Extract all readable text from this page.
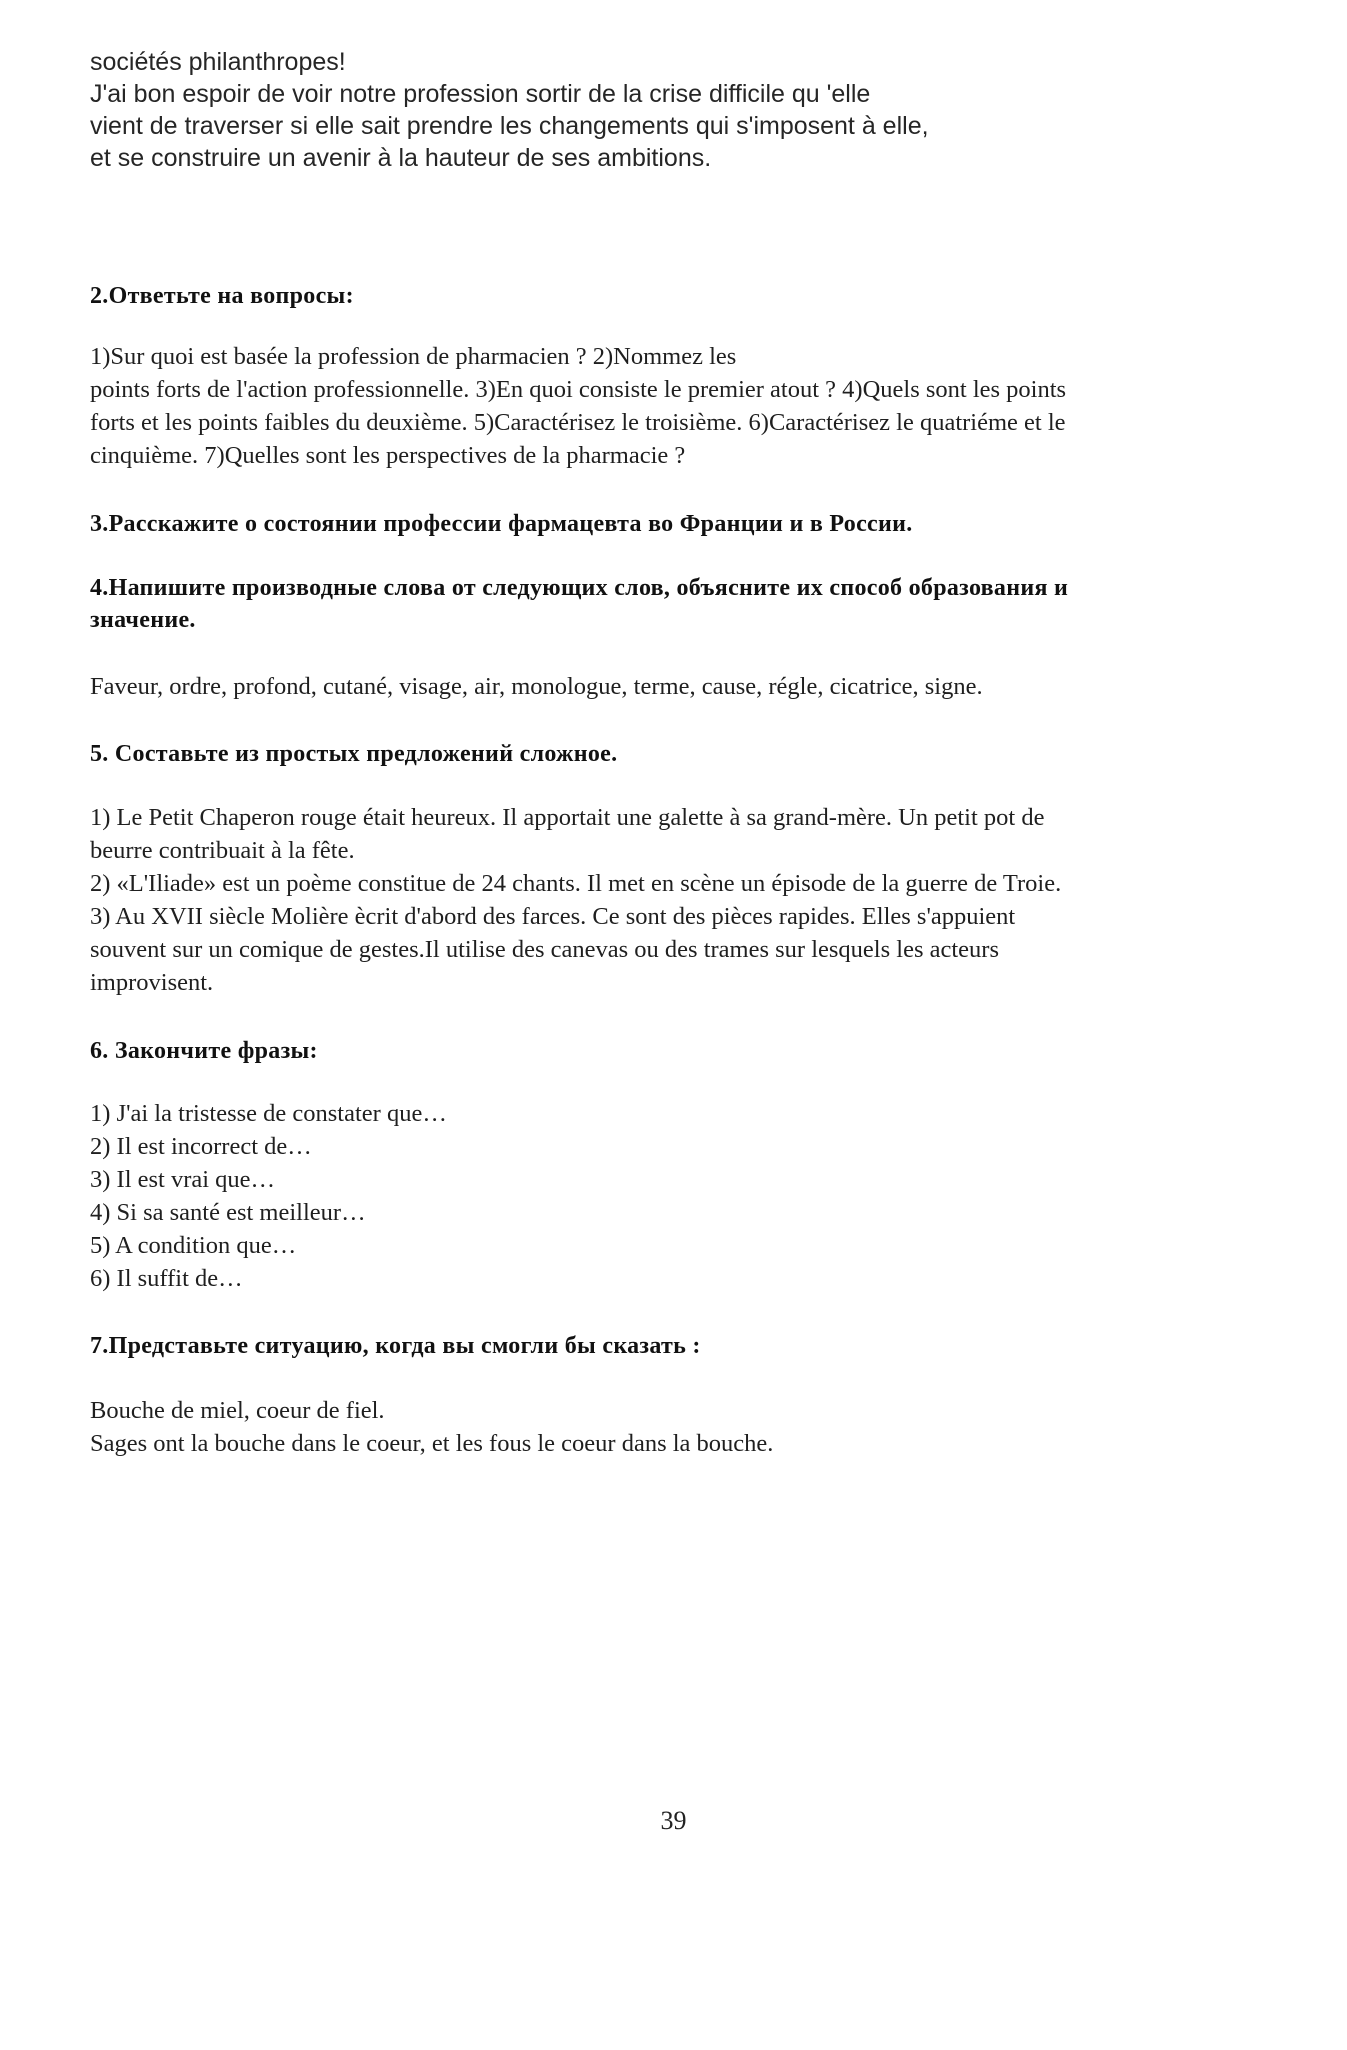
sociétés philanthropes!
J'ai bon espoir de voir notre profession sortir de la crise difficile qu 'elle
vient de traverser si elle sait prendre les changements qui s'imposent à elle,
et se construire un avenir à la hauteur de ses ambitions.
2.Ответьте на вопросы:
1)Sur quoi est basée la profession de pharmacien ? 2)Nommez les
points forts de l'action professionnelle. 3)En quoi consiste le premier atout ? 4)Quels sont les points
forts et les points faibles du deuxième. 5)Caractérisez le troisième. 6)Caractérisez le quatriéme et le
cinquième. 7)Quelles sont les perspectives de la pharmacie ?
3.Расскажите о состоянии профессии фармацевта во Франции и в России.
4.Напишите производные слова от следующих слов, объясните их способ образования и
значение.
Faveur, ordre, profond, cutané, visage, air, monologue, terme, cause, régle, cicatrice, signe.
5. Составьте из простых предложений сложное.
1) Le Petit Chaperon rouge était heureux. Il apportait une galette à sa grand-mère. Un petit pot de
beurre contribuait à la fête.
2) «L'Iliade» est un poème constitue de 24 chants. Il met en scène un épisode de la guerre de Troie.
3) Au XVII siècle Molière ècrit d'abord des farces. Ce sont des pièces rapides. Elles s'appuient
souvent sur un comique de gestes.Il utilise des canevas ou des trames sur lesquels les acteurs
improvisent.
6. Закончите фразы:
1) J'ai la tristesse de constater que…
2) Il est incorrect de…
3) Il est vrai que…
4) Si sa santé est meilleur…
5) A condition que…
6) Il suffit de…
7.Представьте ситуацию, когда вы смогли бы сказать :
Bouche de miel, coeur de fiel.
Sages ont la bouche dans le coeur, et les fous le coeur dans la bouche.
39
